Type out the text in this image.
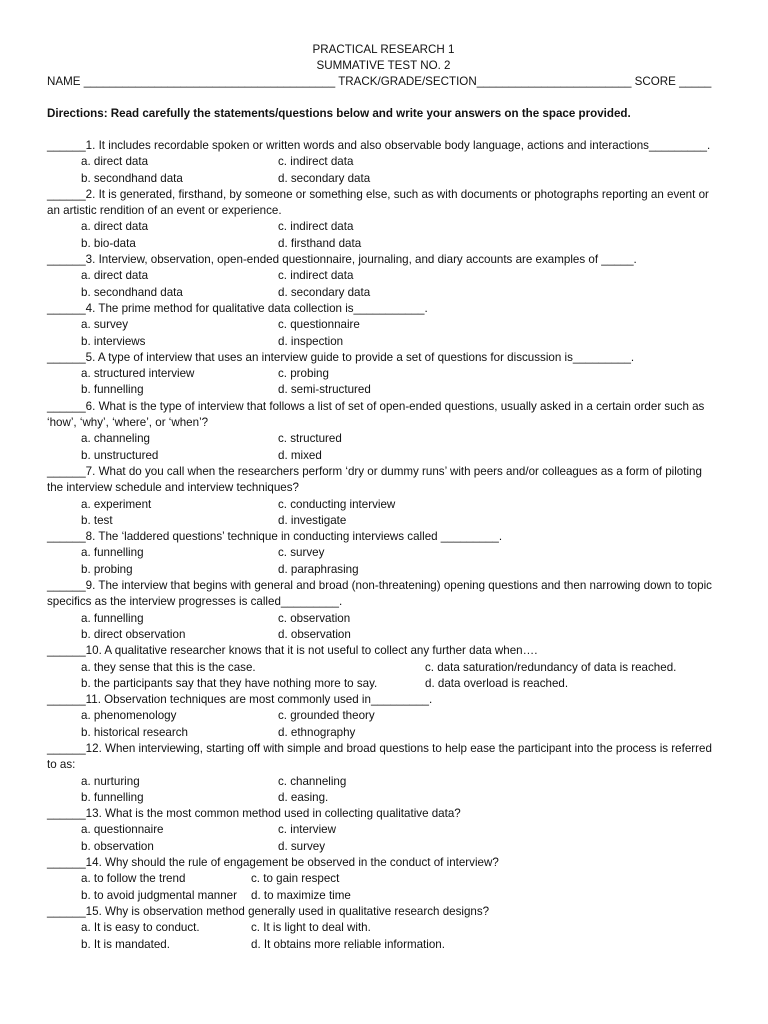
PRACTICAL RESEARCH 1
SUMMATIVE TEST NO. 2
NAME _______________________________________ TRACK/GRADE/SECTION________________________ SCORE _____
Directions: Read carefully the statements/questions below and write your answers on the space provided.
______1. It includes recordable spoken or written words and also observable body language, actions and interactions_________.
a. direct data	c. indirect data
b. secondhand data	d. secondary data
______2. It is generated, firsthand, by someone or something else, such as with documents or photographs reporting an event or an artistic rendition of an event or experience.
a. direct data	c. indirect data
b. bio-data	d. firsthand data
______3. Interview, observation, open-ended questionnaire, journaling, and diary accounts are examples of _____.
a. direct data	c. indirect data
b. secondhand data	d. secondary data
______4. The prime method for qualitative data collection is___________.
a. survey	c. questionnaire
b. interviews	d. inspection
______5. A type of interview that uses an interview guide to provide a set of questions for discussion is_________.
a. structured interview	c. probing
b. funnelling	d. semi-structured
______6. What is the type of interview that follows a list of set of open-ended questions, usually asked in a certain order such as ‘how’, ‘why’, ‘where’, or ‘when’?
a. channeling	c. structured
b. unstructured	d. mixed
______7. What do you call when the researchers perform ‘dry or dummy runs’ with peers and/or colleagues as a form of piloting the interview schedule and interview techniques?
a. experiment	c. conducting interview
b. test	d. investigate
______8. The ‘laddered questions’ technique in conducting interviews called _________.
a. funnelling	c. survey
b. probing	d. paraphrasing
______9. The interview that begins with general and broad (non-threatening) opening questions and then narrowing down to topic specifics as the interview progresses is called_________.
a. funnelling	c. observation
b. direct observation	d. observation
______10. A qualitative researcher knows that it is not useful to collect any further data when….
a. they sense that this is the case.	c. data saturation/redundancy of data is reached.
b. the participants say that they have nothing more to say.	d. data overload is reached.
______11. Observation techniques are most commonly used in_________.
a. phenomenology	c. grounded theory
b. historical research	d. ethnography
______12. When interviewing, starting off with simple and broad questions to help ease the participant into the process is referred to as:
a. nurturing	c. channeling
b. funnelling	d. easing.
______13. What is the most common method used in collecting qualitative data?
a. questionnaire	c. interview
b. observation	d. survey
______14. Why should the rule of engagement be observed in the conduct of interview?
a. to follow the trend	c. to gain respect
b. to avoid judgmental manner	d. to maximize time
______15. Why is observation method generally used in qualitative research designs?
a. It is easy to conduct.	c. It is light to deal with.
b. It is mandated.	d. It obtains more reliable information.
